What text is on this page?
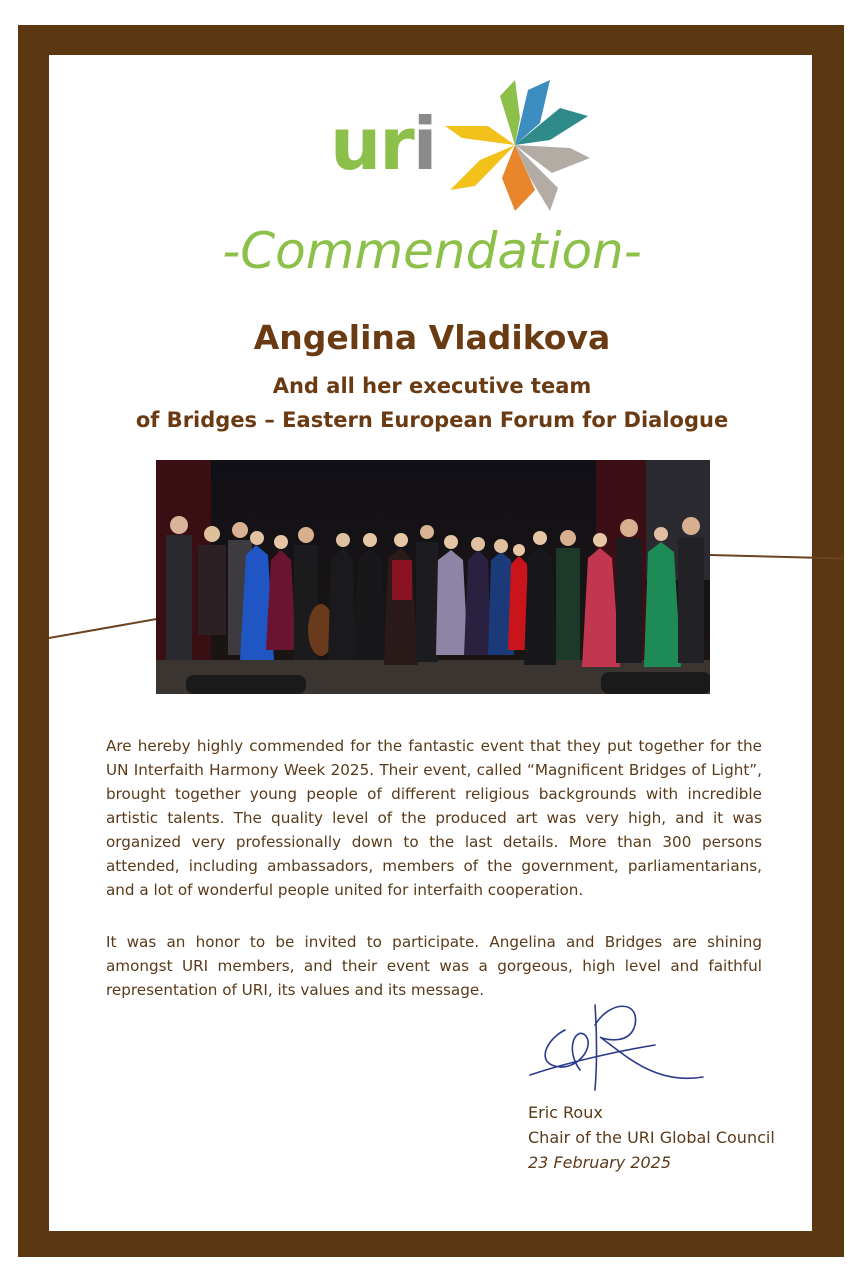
uri
-Commendation-
Angelina Vladikova
And all her executive team
of Bridges – Eastern European Forum for Dialogue
Are hereby highly commended for the fantastic event that they put together for the UN Interfaith Harmony Week 2025. Their event, called “Magnificent Bridges of Light”, brought together young people of different religious backgrounds with incredible artistic talents. The quality level of the produced art was very high, and it was organized very professionally down to the last details. More than 300 persons attended, including ambassadors, members of the government, parliamentarians, and a lot of wonderful people united for interfaith cooperation.
It was an honor to be invited to participate. Angelina and Bridges are shining amongst URI members, and their event was a gorgeous, high level and faithful representation of URI, its values and its message.
Eric Roux
Chair of the URI Global Council
23 February 2025
